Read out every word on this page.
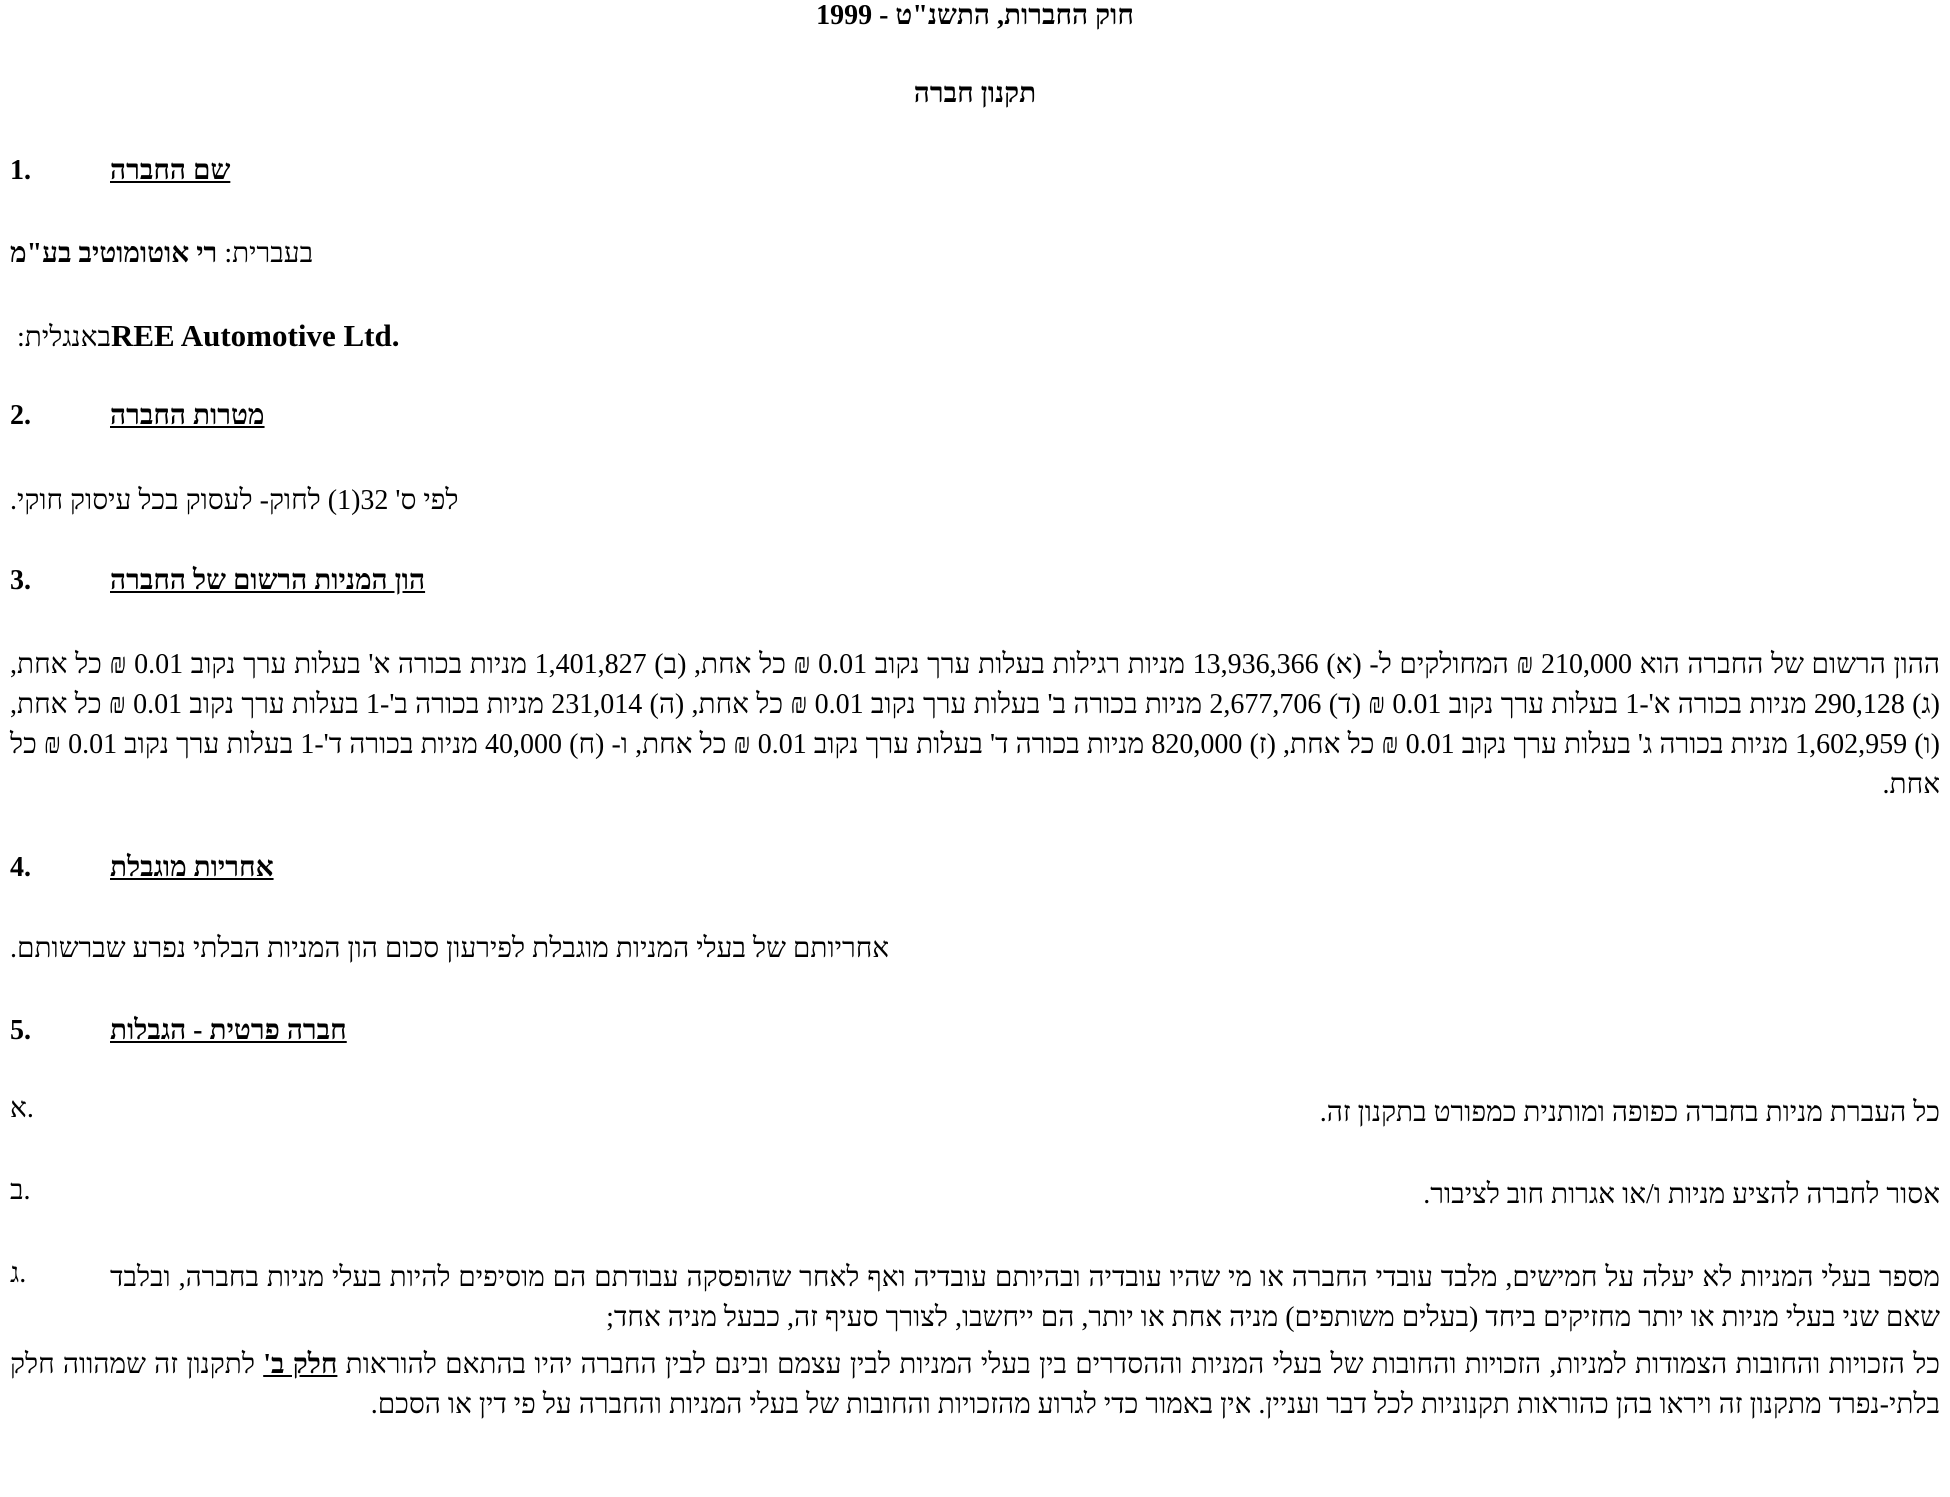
חוק החברות, התשנ"ט - 1999
תקנון חברה
1.	שם החברה
בעברית: רי אוטומוטיב בע"מ
באנגלית: REE Automotive Ltd.
2.	מטרות החברה
לפי ס' 32(1) לחוק- לעסוק בכל עיסוק חוקי.
3.	הון המניות הרשום של החברה
ההון הרשום של החברה הוא 210,000 ₪ המחולקים ל- (א) 13,936,366 מניות רגילות בעלות ערך נקוב 0.01 ₪ כל אחת, (ב) 1,401,827 מניות בכורה א' בעלות ערך נקוב 0.01 ₪ כל אחת, (ג) 290,128 מניות בכורה א'-1 בעלות ערך נקוב 0.01 ₪ (ד) 2,677,706 מניות בכורה ב' בעלות ערך נקוב 0.01 ₪ כל אחת, (ה) 231,014 מניות בכורה ב'-1 בעלות ערך נקוב 0.01 ₪ כל אחת, (ו) 1,602,959 מניות בכורה ג' בעלות ערך נקוב 0.01 ₪ כל אחת, (ז) 820,000 מניות בכורה ד' בעלות ערך נקוב 0.01 ₪ כל אחת, ו- (ח) 40,000 מניות בכורה ד'-1 בעלות ערך נקוב 0.01 ₪ כל אחת.
4.	אחריות מוגבלת
אחריותם של בעלי המניות מוגבלת לפירעון סכום הון המניות הבלתי נפרע שברשותם.
5.	חברה פרטית - הגבלות
א.	כל העברת מניות בחברה כפופה ומותנית כמפורט בתקנון זה.
ב.	אסור לחברה להציע מניות ו/או אגרות חוב לציבור.
ג.	מספר בעלי המניות לא יעלה על חמישים, מלבד עובדי החברה או מי שהיו עובדיה ובהיותם עובדיה ואף לאחר שהופסקה עבודתם הם מוסיפים להיות בעלי מניות בחברה, ובלבד שאם שני בעלי מניות או יותר מחזיקים ביחד (בעלים משותפים) מניה אחת או יותר, הם ייחשבו, לצורך סעיף זה, כבעל מניה אחד;
כל הזכויות והחובות הצמודות למניות, הזכויות והחובות של בעלי המניות וההסדרים בין בעלי המניות לבין עצמם ובינם לבין החברה יהיו בהתאם להוראות חלק ב' לתקנון זה שמהווה חלק בלתי-נפרד מתקנון זה ויראו בהן כהוראות תקנוניות לכל דבר ועניין. אין באמור כדי לגרוע מהזכויות והחובות של בעלי המניות והחברה על פי דין או הסכם.
